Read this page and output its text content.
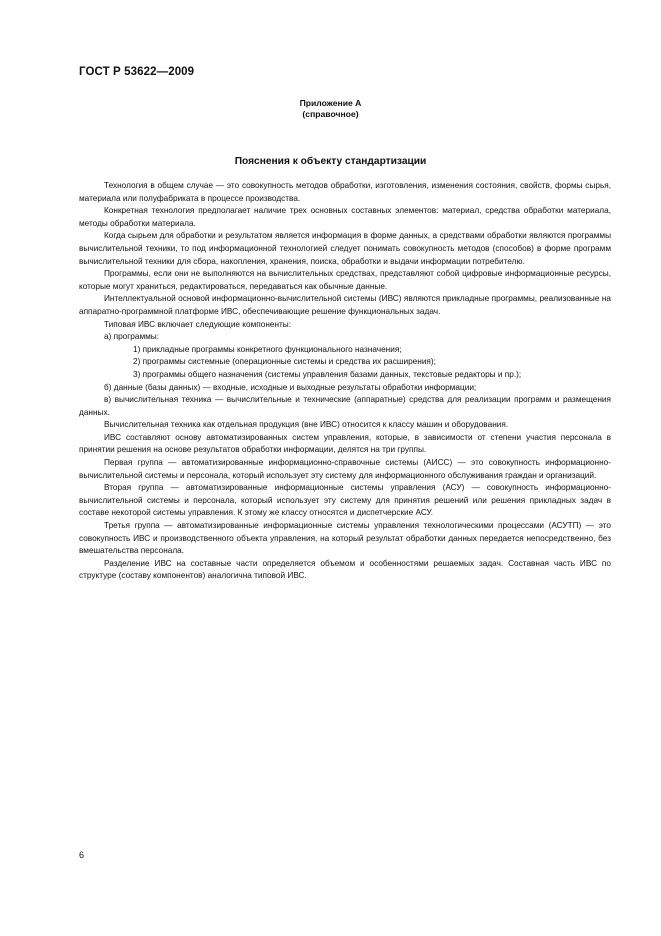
ГОСТ Р 53622—2009
Приложение А
(справочное)
Пояснения к объекту стандартизации

Технология в общем случае — это совокупность методов обработки, изготовления, изменения состояния, свойств, формы сырья, материала или полуфабриката в процессе производства.

Конкретная технология предполагает наличие трех основных составных элементов: материал, средства обработки материала, методы обработки материала.

Когда сырьем для обработки и результатом является информация в форме данных, а средствами обработки являются программы вычислительной техники, то под информационной технологией следует понимать совокупность методов (способов) в форме программ вычислительной техники для сбора, накопления, хранения, поиска, обработки и выдачи информации потребителю.

Программы, если они не выполняются на вычислительных средствах, представляют собой цифровые информационные ресурсы, которые могут храниться, редактироваться, передаваться как обычные данные.

Интеллектуальной основой информационно-вычислительной системы (ИВС) являются прикладные программы, реализованные на аппаратно-программной платформе ИВС, обеспечивающие решение функциональных задач.

Типовая ИВС включает следующие компоненты:

а) программы:

1) прикладные программы конкретного функционального назначения;

2) программы системные (операционные системы и средства их расширения);

3) программы общего назначения (системы управления базами данных, текстовые редакторы и пр.);

б) данные (базы данных) — входные, исходные и выходные результаты обработки информации;

в) вычислительная техника — вычислительные и технические (аппаратные) средства для реализации программ и размещения данных.

Вычислительная техника как отдельная продукция (вне ИВС) относится к классу машин и оборудования.

ИВС составляют основу автоматизированных систем управления, которые, в зависимости от степени участия персонала в принятии решения на основе результатов обработки информации, делятся на три группы.

Первая группа — автоматизированные информационно-справочные системы (АИСС) — это совокупность информационно-вычислительной системы и персонала, который использует эту систему для информационного обслуживания граждан и организаций.

Вторая группа — автоматизированные информационные системы управления (АСУ) — совокупность информационно-вычислительной системы и персонала, который использует эту систему для принятия решений или решения прикладных задач в составе некоторой системы управления. К этому же классу относятся и диспетчерские АСУ.

Третья группа — автоматизированные информационные системы управления технологическими процессами (АСУТП) — это совокупность ИВС и производственного объекта управления, на который результат обработки данных передается непосредственно, без вмешательства персонала.

Разделение ИВС на составные части определяется объемом и особенностями решаемых задач. Составная часть ИВС по структуре (составу компонентов) аналогична типовой ИВС.

6
